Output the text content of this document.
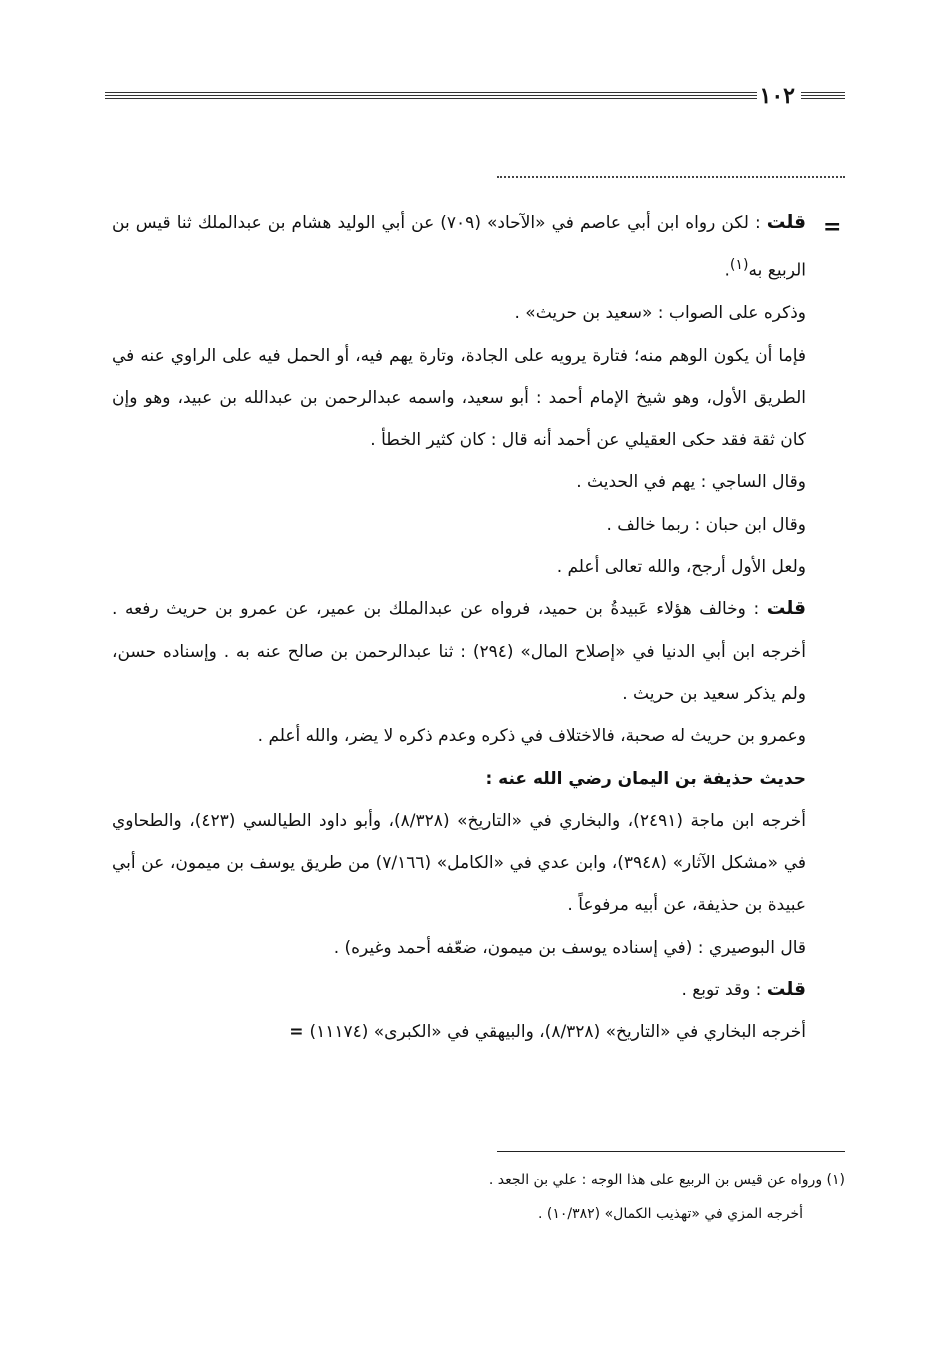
١٠٢
=

قلت : لكن رواه ابن أبي عاصم في «الآحاد» (٧٠٩) عن أبي الوليد هشام بن عبدالملك ثنا قيس بن الربيع به$^{(١)}$.

وذكره على الصواب : «سعيد بن حريث» .

فإما أن يكون الوهم منه؛ فتارة يرويه على الجادة، وتارة يهم فيه، أو الحمل فيه على الراوي عنه في الطريق الأول، وهو شيخ الإمام أحمد : أبو سعيد، واسمه عبدالرحمن بن عبدالله بن عبيد، وهو وإن كان ثقة فقد حكى العقيلي عن أحمد أنه قال : كان كثير الخطأ .

وقال الساجي : يهم في الحديث .

وقال ابن حبان : ربما خالف .

ولعل الأول أرجح، والله تعالى أعلم .

قلت : وخالف هؤلاء عَبيدةُ بن حميد، فرواه عن عبدالملك بن عمير، عن عمرو بن حريث رفعه . أخرجه ابن أبي الدنيا في «إصلاح المال» (٢٩٤) : ثنا عبدالرحمن بن صالح عنه به . وإسناده حسن، ولم يذكر سعيد بن حريث .

وعمرو بن حريث له صحبة، فالاختلاف في ذكره وعدم ذكره لا يضر، والله أعلم .

حديث حذيفة بن اليمان رضي الله عنه :

أخرجه ابن ماجة (٢٤٩١)، والبخاري في «التاريخ» (٨/٣٢٨)، وأبو داود الطيالسي (٤٢٣)، والطحاوي في «مشكل الآثار» (٣٩٤٨)، وابن عدي في «الكامل» (٧/١٦٦) من طريق يوسف بن ميمون، عن أبي عبيدة بن حذيفة، عن أبيه مرفوعاً .

قال البوصيري : (في إسناده يوسف بن ميمون، ضعّفه أحمد وغيره) .

قلت : وقد توبع .

أخرجه البخاري في «التاريخ» (٨/٣٢٨)، والبيهقي في «الكبرى» (١١١٧٤) =

(١) ورواه عن قيس بن الربيع على هذا الوجه : علي بن الجعد .

أخرجه المزي في «تهذيب الكمال» (١٠/٣٨٢) .
